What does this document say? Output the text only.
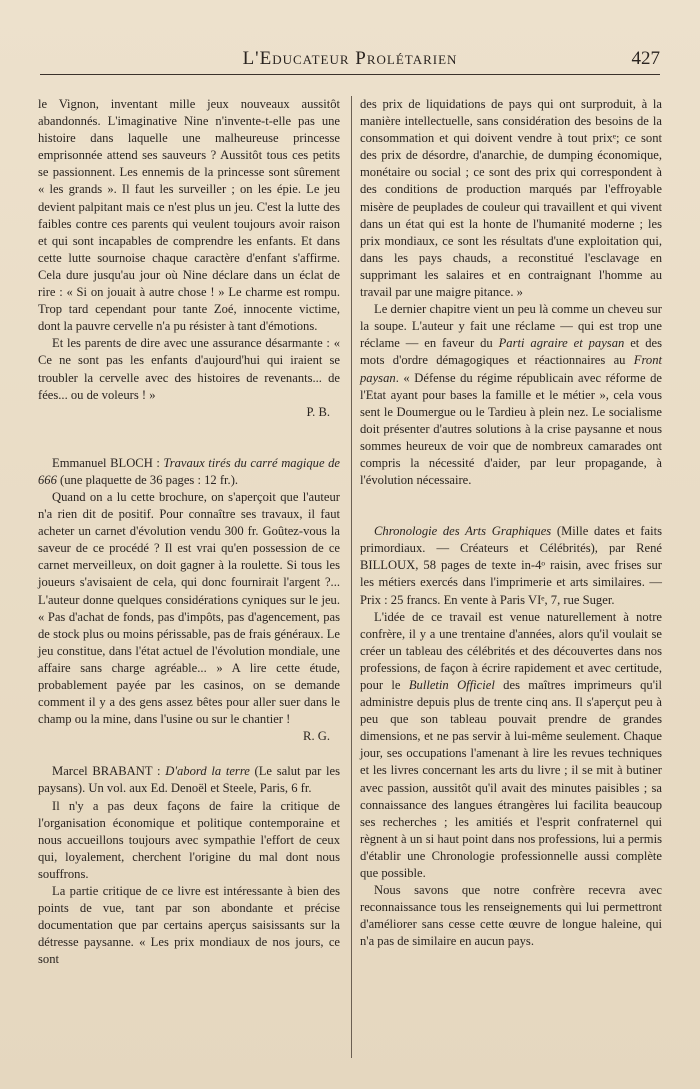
L'Educateur Prolétarien	427

le Vignon, inventant mille jeux nouveaux aussitôt abandonnés. L'imaginative Nine n'invente-t-elle pas une histoire dans laquelle une malheureuse princesse emprisonnée attend ses sauveurs ? Aussitôt tous ces petits se passionnent. Les ennemis de la princesse sont sûrement « les grands ». Il faut les surveiller ; on les épie. Le jeu devient palpitant mais ce n'est plus un jeu. C'est la lutte des faibles contre ces parents qui veulent toujours avoir raison et qui sont incapables de comprendre les enfants. Et dans cette lutte sournoise chaque caractère d'enfant s'affirme. Cela dure jusqu'au jour où Nine déclare dans un éclat de rire : « Si on jouait à autre chose ! » Le charme est rompu. Trop tard cependant pour tante Zoé, innocente victime, dont la pauvre cervelle n'a pu résister à tant d'émotions.

Et les parents de dire avec une assurance désarmante : « Ce ne sont pas les enfants d'aujourd'hui qui iraient se troubler la cervelle avec des histoires de revenants... de fées... ou de voleurs ! »

P. B.

Emmanuel BLOCH : Travaux tirés du carré magique de 666 (une plaquette de 36 pages : 12 fr.).

Quand on a lu cette brochure, on s'aperçoit que l'auteur n'a rien dit de positif. Pour connaître ses travaux, il faut acheter un carnet d'évolution vendu 300 fr. Goûtez-vous la saveur de ce procédé ? Il est vrai qu'en possession de ce carnet merveilleux, on doit gagner à la roulette. Si tous les joueurs s'avisaient de cela, qui donc fournirait l'argent ?... L'auteur donne quelques considérations cyniques sur le jeu. « Pas d'achat de fonds, pas d'impôts, pas d'agencement, pas de stock plus ou moins périssable, pas de frais généraux. Le jeu constitue, dans l'état actuel de l'évolution mondiale, une affaire sans charge agréable... » A lire cette étude, probablement payée par les casinos, on se demande comment il y a des gens assez bêtes pour aller suer dans le champ ou la mine, dans l'usine ou sur le chantier !

R. G.

Marcel BRABANT : D'abord la terre (Le salut par les paysans). Un vol. aux Ed. Denoël et Steele, Paris, 6 fr.

Il n'y a pas deux façons de faire la critique de l'organisation économique et politique contemporaine et nous accueillons toujours avec sympathie l'effort de ceux qui, loyalement, cherchent l'origine du mal dont nous souffrons.

La partie critique de ce livre est intéressante à bien des points de vue, tant par son abondante et précise documentation que par certains aperçus saisissants sur la détresse paysanne. « Les prix mondiaux de nos jours, ce sont

des prix de liquidations de pays qui ont surproduit, à la manière intellectuelle, sans considération des besoins de la consommation et qui doivent vendre à tout prixᵉ; ce sont des prix de désordre, d'anarchie, de dumping économique, monétaire ou social ; ce sont des prix qui correspondent à des conditions de production marqués par l'effroyable misère de peuplades de couleur qui travaillent et qui vivent dans un état qui est la honte de l'humanité moderne ; les prix mondiaux, ce sont les résultats d'une exploitation qui, dans les pays chauds, a reconstitué l'esclavage en supprimant les salaires et en contraignant l'homme au travail par une maigre pitance. »

Le dernier chapitre vient un peu là comme un cheveu sur la soupe. L'auteur y fait une réclame — qui est trop une réclame — en faveur du Parti agraire et paysan et des mots d'ordre démagogiques et réactionnaires au Front paysan. « Défense du régime républicain avec réforme de l'Etat ayant pour bases la famille et le métier », cela vous sent le Doumergue ou le Tardieu à plein nez. Le socialisme doit présenter d'autres solutions à la crise paysanne et nous sommes heureux de voir que de nombreux camarades ont compris la nécessité d'aider, par leur propagande, à l'évolution nécessaire.

Chronologie des Arts Graphiques (Mille dates et faits primordiaux. — Créateurs et Célébrités), par René BILLOUX, 58 pages de texte in-4ᵒ raisin, avec frises sur les métiers exercés dans l'imprimerie et arts similaires. — Prix : 25 francs. En vente à Paris VIᵉ, 7, rue Suger.

L'idée de ce travail est venue naturellement à notre confrère, il y a une trentaine d'années, alors qu'il voulait se créer un tableau des célébrités et des découvertes dans nos professions, de façon à écrire rapidement et avec certitude, pour le Bulletin Officiel des maîtres imprimeurs qu'il administre depuis plus de trente cinq ans. Il s'aperçut peu à peu que son tableau pouvait prendre de grandes dimensions, et ne pas servir à lui-même seulement. Chaque jour, ses occupations l'amenant à lire les revues techniques et les livres concernant les arts du livre ; il se mit à butiner avec passion, aussitôt qu'il avait des minutes paisibles ; sa connaissance des langues étrangères lui facilita beaucoup ses recherches ; les amitiés et l'esprit confraternel qui règnent à un si haut point dans nos professions, lui a permis d'établir une Chronologie professionnelle aussi complète que possible.

Nous savons que notre confrère recevra avec reconnaissance tous les renseignements qui lui permettront d'améliorer sans cesse cette œuvre de longue haleine, qui n'a pas de similaire en aucun pays.
